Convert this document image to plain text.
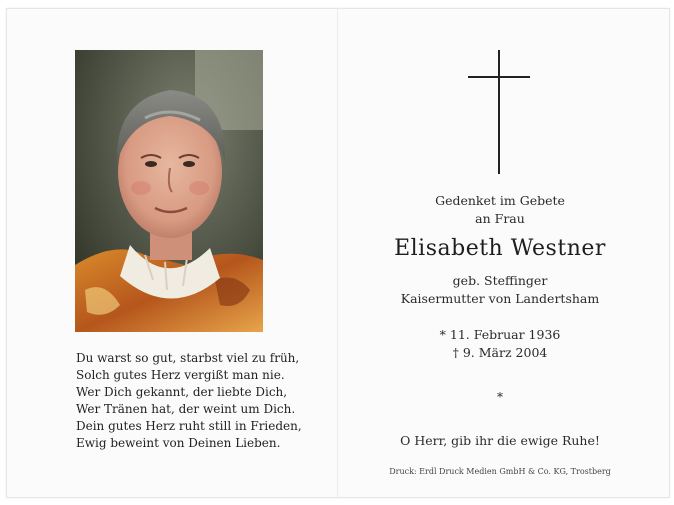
Du warst so gut, starbst viel zu früh,
Solch gutes Herz vergißt man nie.
Wer Dich gekannt, der liebte Dich,
Wer Tränen hat, der weint um Dich.
Dein gutes Herz ruht still in Frieden,
Ewig beweint von Deinen Lieben.
Gedenket im Gebete
an Frau
Elisabeth Westner
geb. Steffinger
Kaisermutter von Landertsham
* 11. Februar 1936
† 9. März 2004
*
O Herr, gib ihr die ewige Ruhe!
Druck: Erdl Druck Medien GmbH & Co. KG, Trostberg
